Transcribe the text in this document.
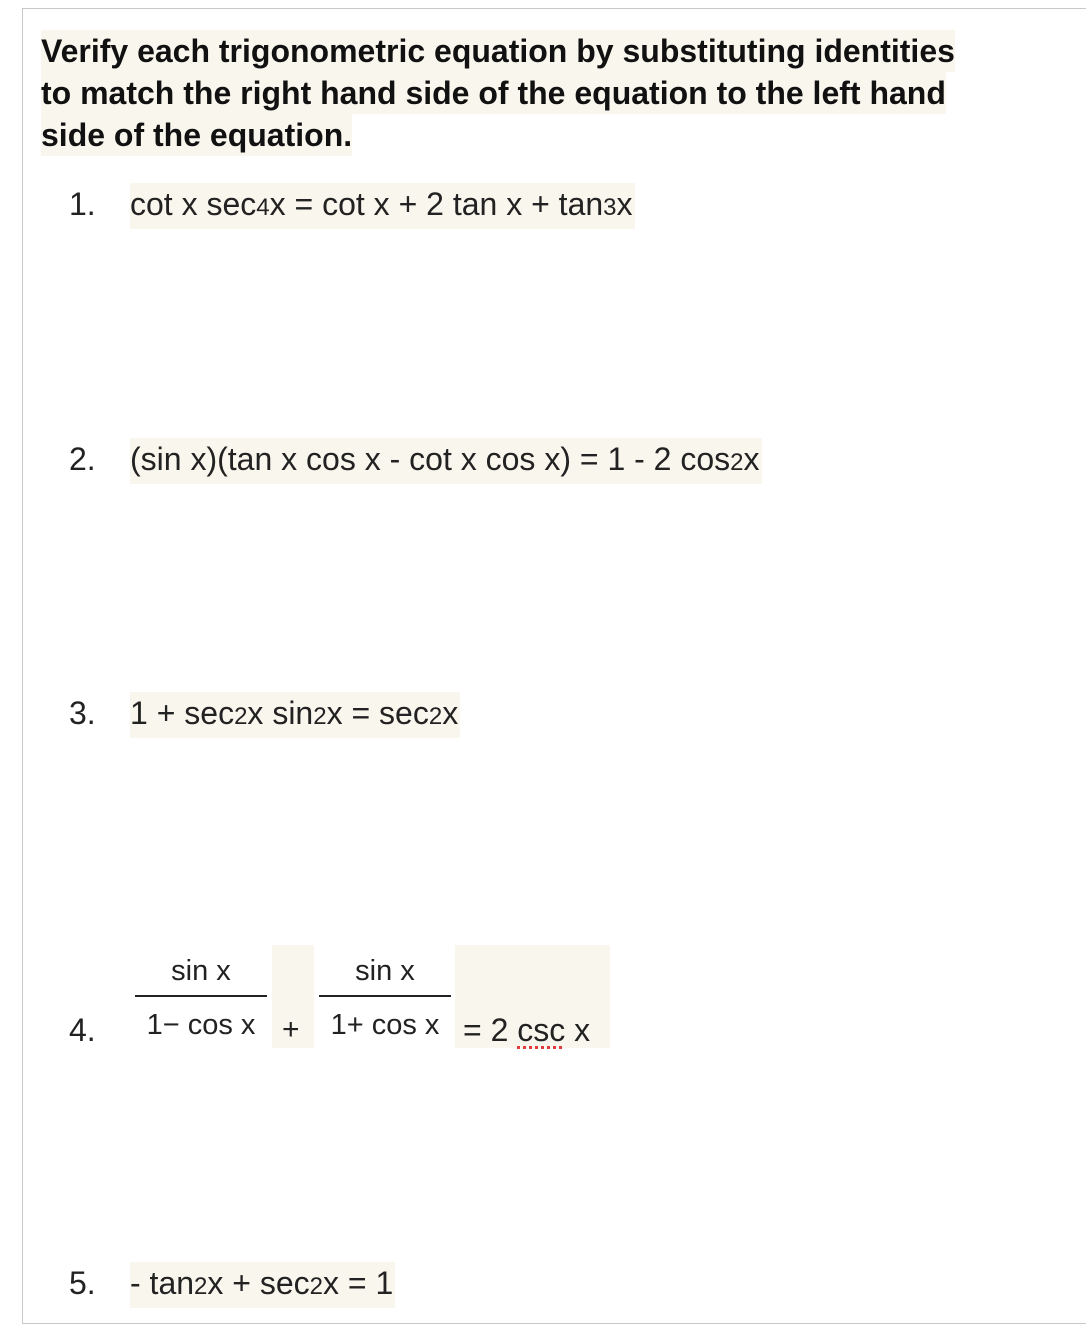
Verify each trigonometric equation by substituting identities
to match the right hand side of the equation to the left hand
side of the equation.
1.	cot x sec4x = cot x + 2 tan x + tan3x
2.	(sin x)(tan x cos x - cot x cos x) = 1 - 2 cos2x
3.	1 + sec2x sin2x = sec2x
4.
sin x
1− cos x +
sin x
1+ cos x = 2 csc x
5.	- tan2x + sec2x = 1
